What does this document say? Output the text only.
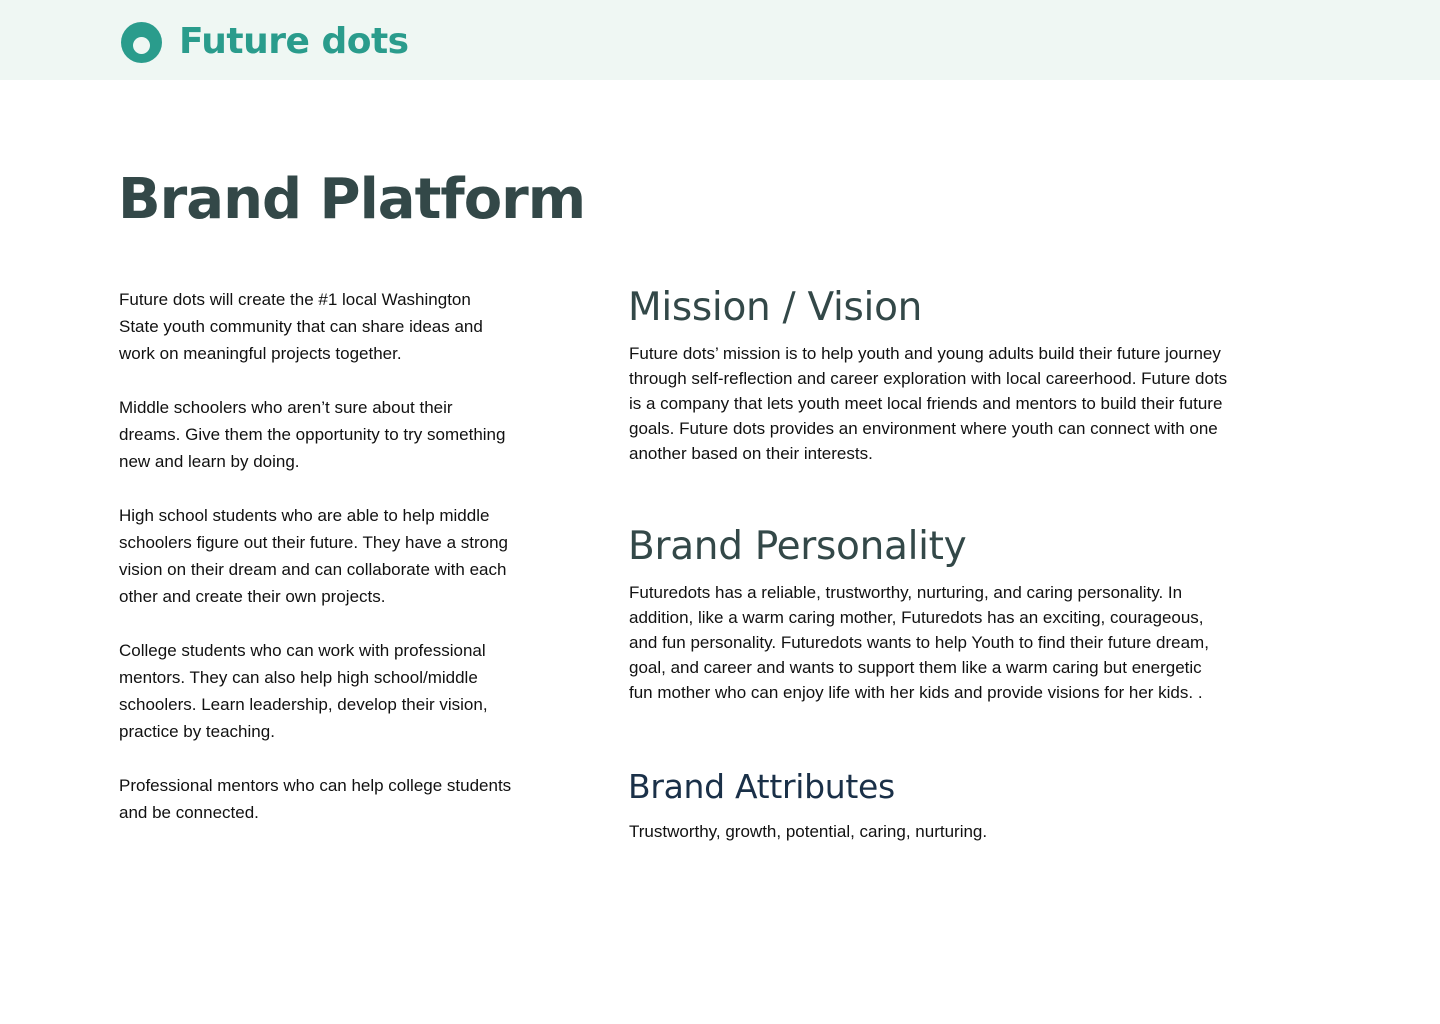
Future dots
Brand Platform

Future dots will create the #1 local Washington State youth community that can share ideas and work on meaningful projects together.

Middle schoolers who aren’t sure about their dreams. Give them the opportunity to try something new and learn by doing.

High school students who are able to help middle schoolers figure out their future. They have a strong vision on their dream and can collaborate with each other and create their own projects.

College students who can work with professional mentors. They can also help high school/middle schoolers. Learn leadership, develop their vision, practice by teaching.

Professional mentors who can help college students and be connected.

Mission / Vision

Future dots’ mission is to help youth and young adults build their future journey through self-reflection and career exploration with local careerhood. Future dots is a company that lets youth meet local friends and mentors to build their future goals. Future dots provides an environment where youth can connect with one another based on their interests.

Brand Personality

Futuredots has a reliable, trustworthy, nurturing, and caring personality. In addition, like a warm caring mother, Futuredots has an exciting, courageous, and fun personality. Futuredots wants to help Youth to find their future dream, goal, and career and wants to support them like a warm caring but energetic fun mother who can enjoy life with her kids and provide visions for her kids. .

Brand Attributes

Trustworthy, growth, potential, caring, nurturing.
